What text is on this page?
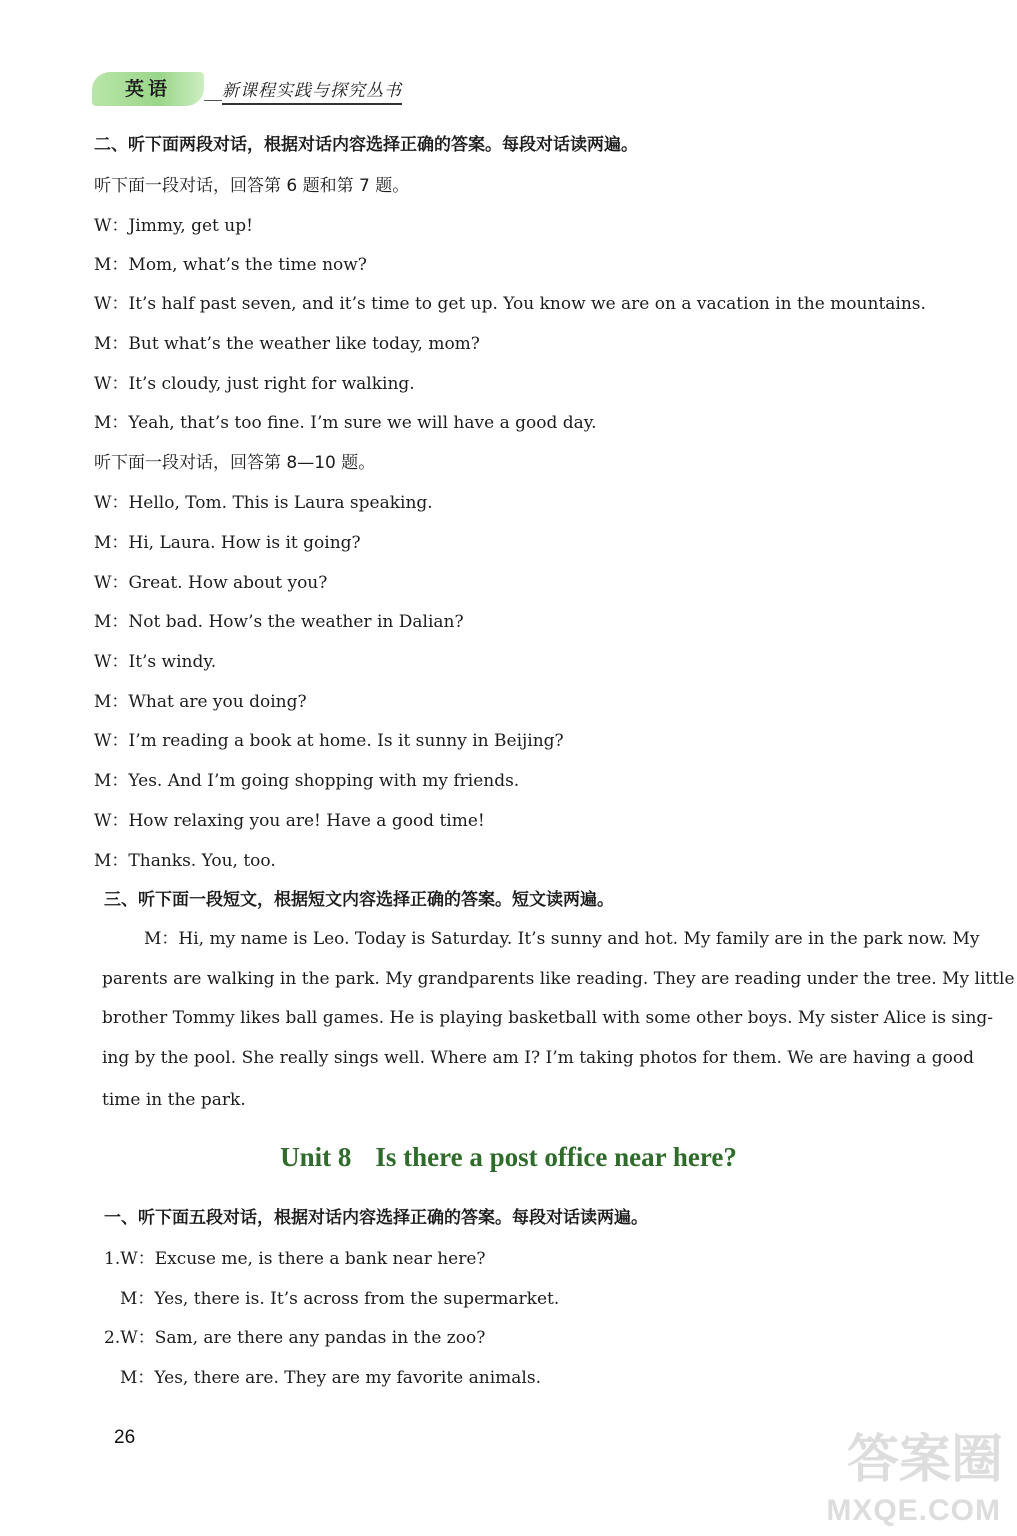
英语	新课程实践与探究丛书
二、听下面两段对话，根据对话内容选择正确的答案。每段对话读两遍。
听下面一段对话，回答第 6 题和第 7 题。
W：Jimmy, get up!
M：Mom, what’s the time now?
W：It’s half past seven, and it’s time to get up. You know we are on a vacation in the mountains.
M：But what’s the weather like today, mom?
W：It’s cloudy, just right for walking.
M：Yeah, that’s too fine. I’m sure we will have a good day.
听下面一段对话，回答第 8—10 题。
W：Hello, Tom. This is Laura speaking.
M：Hi, Laura. How is it going?
W：Great. How about you?
M：Not bad. How’s the weather in Dalian?
W：It’s windy.
M：What are you doing?
W：I’m reading a book at home. Is it sunny in Beijing?
M：Yes. And I’m going shopping with my friends.
W：How relaxing you are! Have a good time!
M：Thanks. You, too.
三、听下面一段短文，根据短文内容选择正确的答案。短文读两遍。
M：Hi, my name is Leo. Today is Saturday. It’s sunny and hot. My family are in the park now. My
parents are walking in the park. My grandparents like reading. They are reading under the tree. My little
brother Tommy likes ball games. He is playing basketball with some other boys. My sister Alice is sing-
ing by the pool. She really sings well. Where am I? I’m taking photos for them. We are having a good
time in the park.
Unit 8 Is there a post office near here?
一、听下面五段对话，根据对话内容选择正确的答案。每段对话读两遍。
1.W：Excuse me, is there a bank near here?
M：Yes, there is. It’s across from the supermarket.
2.W：Sam, are there any pandas in the zoo?
M：Yes, there are. They are my favorite animals.
26	答案圈
MXQE.COM
